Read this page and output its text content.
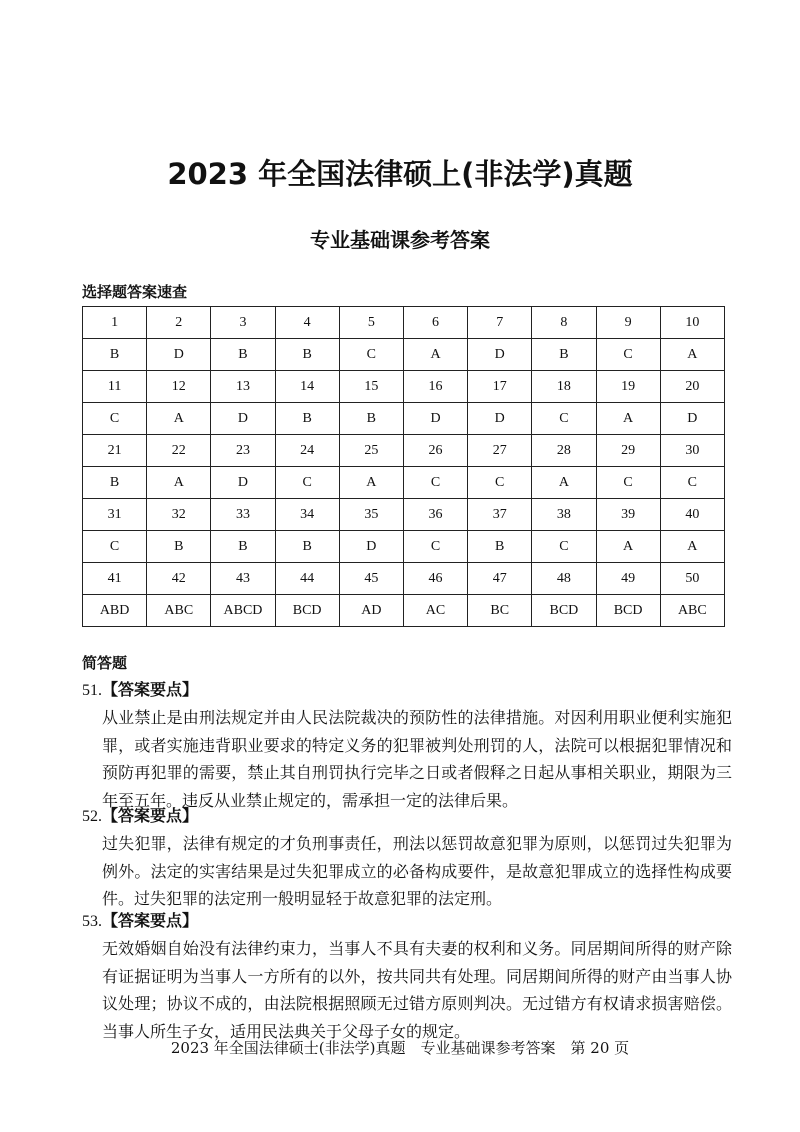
2023 年全国法律硕上(非法学)真题
专业基础课参考答案
选择题答案速查
1	2	3	4	5	6	7	8	9	10
B	D	B	B	C	A	D	B	C	A
11	12	13	14	15	16	17	18	19	20
C	A	D	B	B	D	D	C	A	D
21	22	23	24	25	26	27	28	29	30
B	A	D	C	A	C	C	A	C	C
31	32	33	34	35	36	37	38	39	40
C	B	B	B	D	C	B	C	A	A
41	42	43	44	45	46	47	48	49	50
ABD	ABC	ABCD	BCD	AD	AC	BC	BCD	BCD	ABC
简答题
51.【答案要点】
从业禁止是由刑法规定并由人民法院裁决的预防性的法律措施。对因利用职业便利实施犯罪，或者实施违背职业要求的特定义务的犯罪被判处刑罚的人，法院可以根据犯罪情况和预防再犯罪的需要，禁止其自刑罚执行完毕之日或者假释之日起从事相关职业，期限为三年至五年。违反从业禁止规定的，需承担一定的法律后果。
52.【答案要点】
过失犯罪，法律有规定的才负刑事责任，刑法以惩罚故意犯罪为原则，以惩罚过失犯罪为例外。法定的实害结果是过失犯罪成立的必备构成要件，是故意犯罪成立的选择性构成要件。过失犯罪的法定刑一般明显轻于故意犯罪的法定刑。
53.【答案要点】
无效婚姻自始没有法律约束力，当事人不具有夫妻的权利和义务。同居期间所得的财产除有证据证明为当事人一方所有的以外，按共同共有处理。同居期间所得的财产由当事人协议处理；协议不成的，由法院根据照顾无过错方原则判决。无过错方有权请求损害赔偿。当事人所生子女，适用民法典关于父母子女的规定。
2023 年全国法律硕士(非法学)真题　专业基础课参考答案　第 20 页
